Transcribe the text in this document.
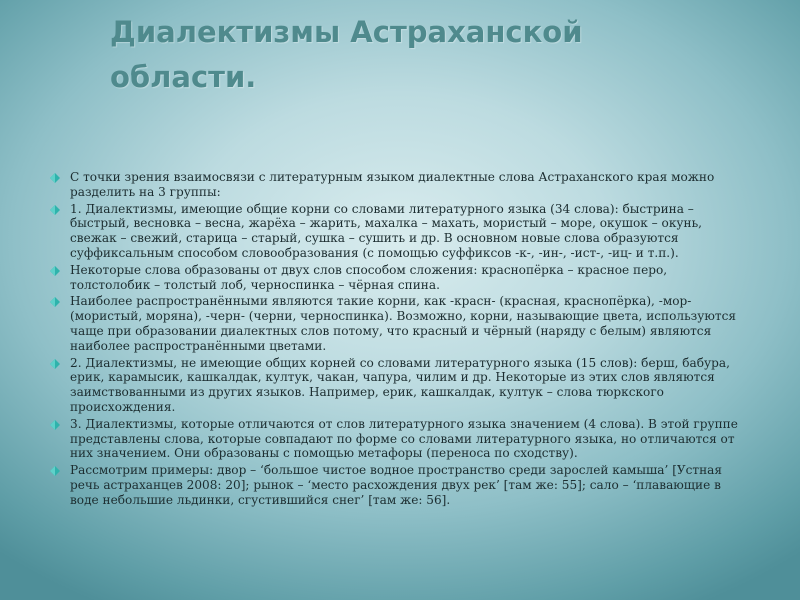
Диалектизмы Астраханской области.
С точки зрения взаимосвязи с литературным языком диалектные слова Астраханского края можно разделить на 3 группы:
1. Диалектизмы, имеющие общие корни со словами литературного языка (34 слова): быстрина – быстрый, весновка – весна, жарёха – жарить, махалка – махать, мористый – море, окушок – окунь, свежак – свежий, старица – старый, сушка – сушить и др. В основном новые слова образуются суффиксальным способом словообразования (с помощью суффиксов -к-, -ин-, -ист-, -иц- и т.п.).
Некоторые слова образованы от двух слов способом сложения: краснопёрка – красное перо, толстолобик – толстый лоб, черноспинка – чёрная спина.
Наиболее распространёнными являются такие корни, как -красн- (красная, краснопёрка), -мор- (мористый, моряна), -черн- (черни, черноспинка). Возможно, корни, называющие цвета, используются чаще при образовании диалектных слов потому, что красный и чёрный (наряду с белым) являются наиболее распространёнными цветами.
2. Диалектизмы, не имеющие общих корней со словами литературного языка (15 слов): берш, бабура, ерик, карамысик, кашкалдак, култук, чакан, чапура, чилим и др. Некоторые из этих слов являются заимствованными из других языков. Например, ерик, кашкалдак, култук – слова тюркского происхождения.
3. Диалектизмы, которые отличаются от слов литературного языка значением (4 слова). В этой группе представлены слова, которые совпадают по форме со словами литературного языка, но отличаются от них значением. Они образованы с помощью метафоры (переноса по сходству).
Рассмотрим примеры: двор – ‘большое чистое водное пространство среди зарослей камыша’ [Устная речь астраханцев 2008: 20]; рынок – ‘место расхождения двух рек’ [там же: 55]; сало – ‘плавающие в воде небольшие льдинки, сгустившийся снег’ [там же: 56].
